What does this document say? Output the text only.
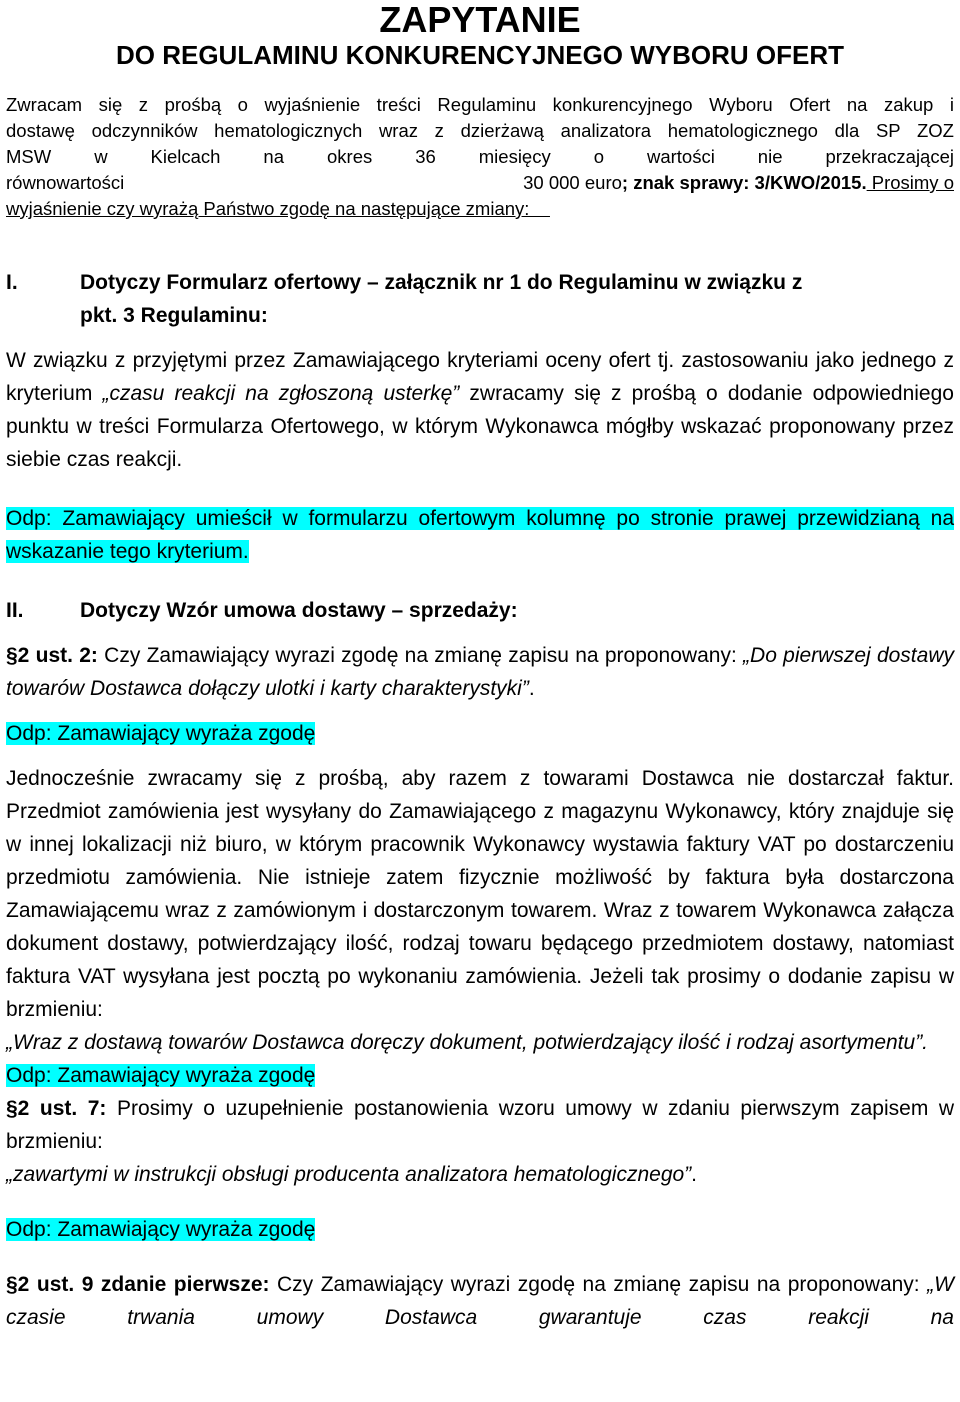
ZAPYTANIE
DO REGULAMINU KONKURENCYJNEGO WYBORU OFERT
Zwracam się z prośbą o wyjaśnienie treści Regulaminu konkurencyjnego Wyboru Ofert na zakup i
dostawę odczynników hematologicznych wraz z dzierżawą analizatora hematologicznego dla SP ZOZ
MSW w Kielcach na okres 36 miesięcy o wartości nie przekraczającej
równowartości	30 000 euro; znak sprawy: 3/KWO/2015. Prosimy o
wyjaśnienie czy wyrażą Państwo zgodę na następujące zmiany:
I.	Dotyczy Formularz ofertowy – załącznik nr 1 do Regulaminu w związku z
pkt. 3 Regulaminu:

W związku z przyjętymi przez Zamawiającego kryteriami oceny ofert tj. zastosowaniu jako jednego z kryterium „czasu reakcji na zgłoszoną usterkę” zwracamy się z prośbą o dodanie odpowiedniego punktu w treści Formularza Ofertowego, w którym Wykonawca mógłby wskazać proponowany przez siebie czas reakcji.

Odp: Zamawiający umieścił w formularzu ofertowym kolumnę po stronie prawej przewidzianą na wskazanie tego kryterium.

II.	Dotyczy Wzór umowa dostawy – sprzedaży:

§2 ust. 2: Czy Zamawiający wyrazi zgodę na zmianę zapisu na proponowany: „Do pierwszej dostawy towarów Dostawca dołączy ulotki i karty charakterystyki”.

Odp: Zamawiający wyraża zgodę

Jednocześnie zwracamy się z prośbą, aby razem z towarami Dostawca nie dostarczał faktur. Przedmiot zamówienia jest wysyłany do Zamawiającego z magazynu Wykonawcy, który znajduje się w innej lokalizacji niż biuro, w którym pracownik Wykonawcy wystawia faktury VAT po dostarczeniu przedmiotu zamówienia. Nie istnieje zatem fizycznie możliwość by faktura była dostarczona Zamawiającemu wraz z zamówionym i dostarczonym towarem. Wraz z towarem Wykonawca załącza dokument dostawy, potwierdzający ilość, rodzaj towaru będącego przedmiotem dostawy, natomiast faktura VAT wysyłana jest pocztą po wykonaniu zamówienia. Jeżeli tak prosimy o dodanie zapisu w brzmieniu:

„Wraz z dostawą towarów Dostawca doręczy dokument, potwierdzający ilość i rodzaj asortymentu”.

Odp: Zamawiający wyraża zgodę

§2 ust. 7: Prosimy o uzupełnienie postanowienia wzoru umowy w zdaniu pierwszym zapisem w brzmieniu:

„zawartymi w instrukcji obsługi producenta analizatora hematologicznego”.

Odp: Zamawiający wyraża zgodę

§2 ust. 9 zdanie pierwsze: Czy Zamawiający wyrazi zgodę na zmianę zapisu na proponowany: „W czasie trwania umowy Dostawca gwarantuje czas reakcji na
